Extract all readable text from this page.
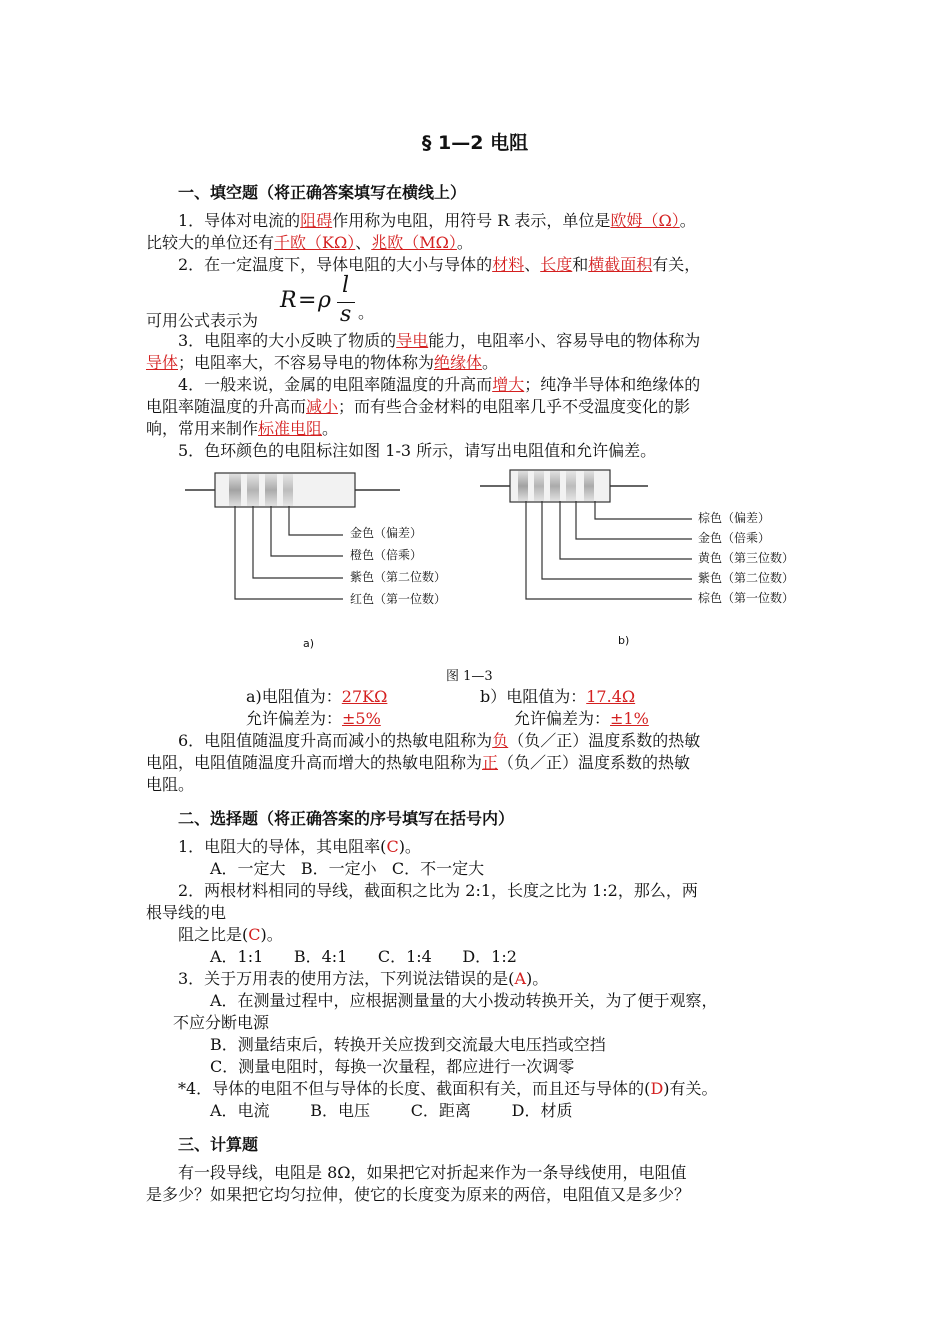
§ 1—2 电阻
一、填空题（将正确答案填写在横线上）
1．导体对电流的阻碍作用称为电阻，用符号 R 表示，单位是欧姆（Ω）。
比较大的单位还有千欧（KΩ）、兆欧（MΩ）。
2．在一定温度下，导体电阻的大小与导体的材料、长度和横截面积有关，
R = ρ
l
s
可用公式表示为	。
3．电阻率的大小反映了物质的导电能力，电阻率小、容易导电的物体称为
导体；电阻率大，不容易导电的物体称为绝缘体。
4．一般来说，金属的电阻率随温度的升高而增大；纯净半导体和绝缘体的
电阻率随温度的升高而减小；而有些合金材料的电阻率几乎不受温度变化的影
响，常用来制作标准电阻。
5．色环颜色的电阻标注如图 1-3 所示，请写出电阻值和允许偏差。
金色（偏差）
橙色（倍乘）
紫色（第二位数）
红色（第一位数）
a)
棕色（偏差）
金色（倍乘）
黄色（第三位数）
紫色（第二位数）
棕色（第一位数）
b)
图 1—3
a)电阻值为：27KΩ	b）电阻值为：17.4Ω
允许偏差为：±5%	允许偏差为：±1%
6．电阻值随温度升高而减小的热敏电阻称为负（负／正）温度系数的热敏
电阻，电阻值随温度升高而增大的热敏电阻称为正（负／正）温度系数的热敏
电阻。
二、选择题（将正确答案的序号填写在括号内）
1．电阻大的导体，其电阻率(C)。
A．一定大   B．一定小   C．不一定大
2．两根材料相同的导线，截面积之比为 2:1，长度之比为 1:2，那么，两
根导线的电
阻之比是(C)。
A．1:1      B．4:1      C．1:4      D．1:2
3．关于万用表的使用方法，下列说法错误的是(A)。
A．在测量过程中，应根据测量量的大小拨动转换开关，为了便于观察，
不应分断电源
B．测量结束后，转换开关应拨到交流最大电压挡或空挡
C．测量电阻时，每换一次量程，都应进行一次调零
*4．导体的电阻不但与导体的长度、截面积有关，而且还与导体的(D)有关。
A．电流        B．电压        C．距离        D．材质
三、计算题
有一段导线，电阻是 8Ω，如果把它对折起来作为一条导线使用，电阻值
是多少？如果把它均匀拉伸，使它的长度变为原来的两倍，电阻值又是多少？
